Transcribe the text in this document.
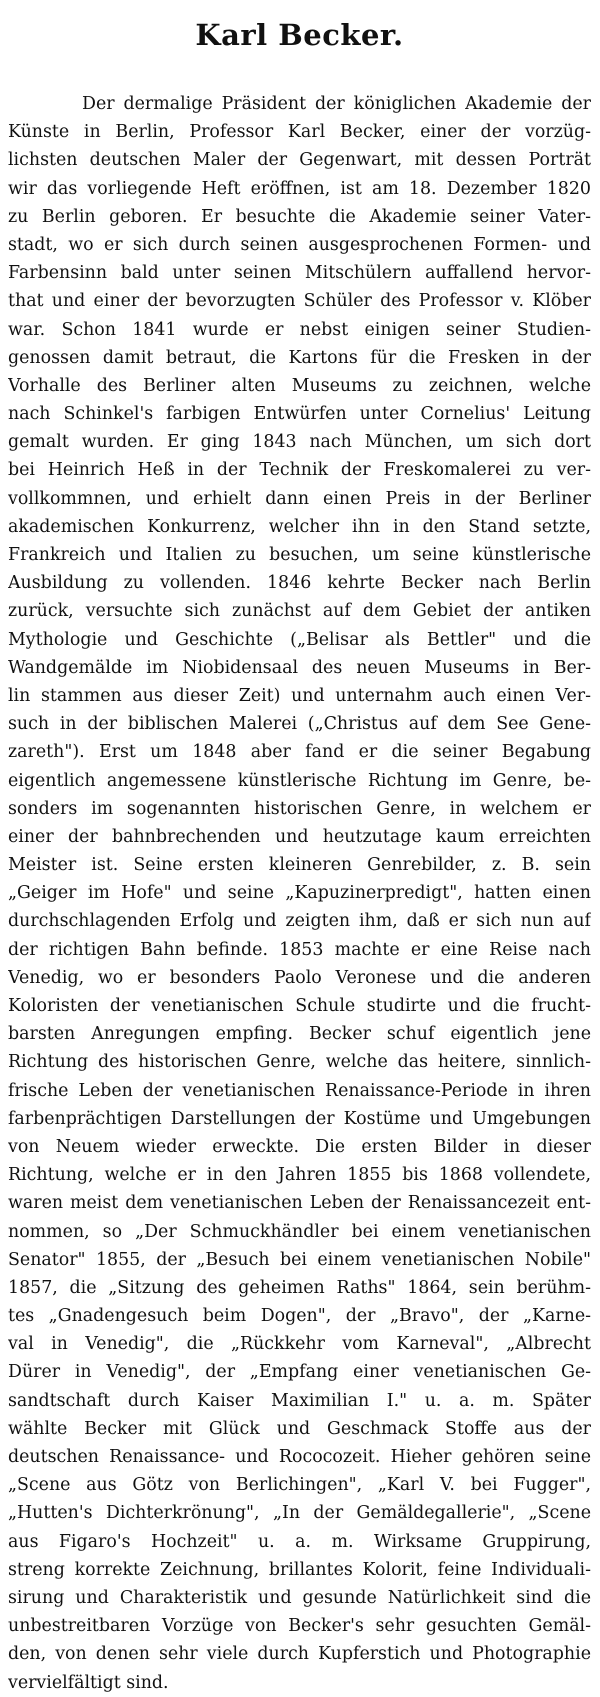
Karl Becker.
Der dermalige Präsident der königlichen Akademie der
Künste in Berlin, Professor Karl Becker, einer der vorzüg-
lichsten deutschen Maler der Gegenwart, mit dessen Porträt
wir das vorliegende Heft eröffnen, ist am 18. Dezember 1820
zu Berlin geboren. Er besuchte die Akademie seiner Vater-
stadt, wo er sich durch seinen ausgesprochenen Formen- und
Farbensinn bald unter seinen Mitschülern auffallend hervor-
that und einer der bevorzugten Schüler des Professor v. Klöber
war. Schon 1841 wurde er nebst einigen seiner Studien-
genossen damit betraut, die Kartons für die Fresken in der
Vorhalle des Berliner alten Museums zu zeichnen, welche
nach Schinkel's farbigen Entwürfen unter Cornelius' Leitung
gemalt wurden. Er ging 1843 nach München, um sich dort
bei Heinrich Heß in der Technik der Freskomalerei zu ver-
vollkommnen, und erhielt dann einen Preis in der Berliner
akademischen Konkurrenz, welcher ihn in den Stand setzte,
Frankreich und Italien zu besuchen, um seine künstlerische
Ausbildung zu vollenden. 1846 kehrte Becker nach Berlin
zurück, versuchte sich zunächst auf dem Gebiet der antiken
Mythologie und Geschichte („Belisar als Bettler" und die
Wandgemälde im Niobidensaal des neuen Museums in Ber-
lin stammen aus dieser Zeit) und unternahm auch einen Ver-
such in der biblischen Malerei („Christus auf dem See Gene-
zareth"). Erst um 1848 aber fand er die seiner Begabung
eigentlich angemessene künstlerische Richtung im Genre, be-
sonders im sogenannten historischen Genre, in welchem er
einer der bahnbrechenden und heutzutage kaum erreichten
Meister ist. Seine ersten kleineren Genrebilder, z. B. sein
„Geiger im Hofe" und seine „Kapuzinerpredigt", hatten einen
durchschlagenden Erfolg und zeigten ihm, daß er sich nun auf
der richtigen Bahn befinde. 1853 machte er eine Reise nach
Venedig, wo er besonders Paolo Veronese und die anderen
Koloristen der venetianischen Schule studirte und die frucht-
barsten Anregungen empfing. Becker schuf eigentlich jene
Richtung des historischen Genre, welche das heitere, sinnlich-
frische Leben der venetianischen Renaissance-Periode in ihren
farbenprächtigen Darstellungen der Kostüme und Umgebungen
von Neuem wieder erweckte. Die ersten Bilder in dieser
Richtung, welche er in den Jahren 1855 bis 1868 vollendete,
waren meist dem venetianischen Leben der Renaissancezeit ent-
nommen, so „Der Schmuckhändler bei einem venetianischen
Senator" 1855, der „Besuch bei einem venetianischen Nobile"
1857, die „Sitzung des geheimen Raths" 1864, sein berühm-
tes „Gnadengesuch beim Dogen", der „Bravo", der „Karne-
val in Venedig", die „Rückkehr vom Karneval", „Albrecht
Dürer in Venedig", der „Empfang einer venetianischen Ge-
sandtschaft durch Kaiser Maximilian I." u. a. m. Später
wählte Becker mit Glück und Geschmack Stoffe aus der
deutschen Renaissance- und Rococozeit. Hieher gehören seine
„Scene aus Götz von Berlichingen", „Karl V. bei Fugger",
„Hutten's Dichterkrönung", „In der Gemäldegallerie", „Scene
aus Figaro's Hochzeit" u. a. m. Wirksame Gruppirung,
streng korrekte Zeichnung, brillantes Kolorit, feine Individuali-
sirung und Charakteristik und gesunde Natürlichkeit sind die
unbestreitbaren Vorzüge von Becker's sehr gesuchten Gemäl-
den, von denen sehr viele durch Kupferstich und Photographie
vervielfältigt sind.
